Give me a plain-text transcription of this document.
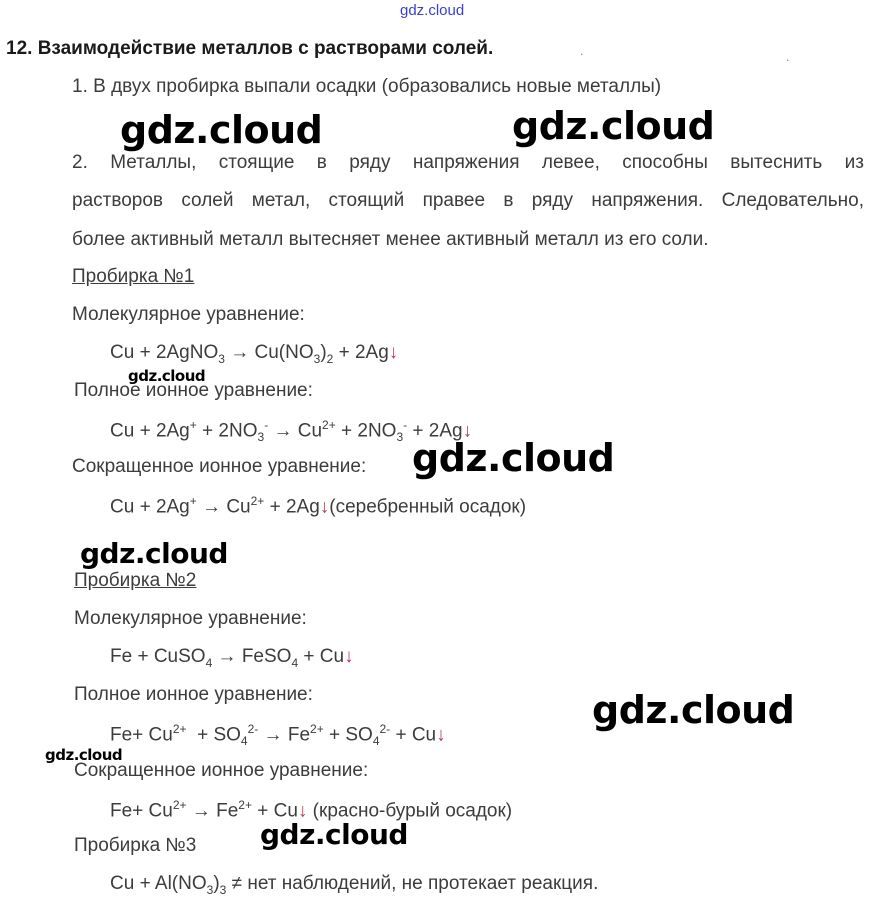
gdz.cloud
gdz.cloud	gdz.cloud
gdz.cloud
gdz.cloud
gdz.cloud
gdz.cloud
gdz.cloud
gdz.cloud
.	.
12. Взаимодействие металлов с растворами солей.
1. В двух пробирка выпали осадки (образовались новые металлы)
2. Металлы, стоящие в ряду напряжения левее, способны вытеснить из
растворов солей метал, стоящий правее в ряду напряжения. Следовательно,
более активный металл вытесняет менее активный металл из его соли.
Пробирка №1
Молекулярное уравнение:
Cu + 2AgNO$_3$ → $Cu(NO_3)_2$ + 2Ag↓
Полное ионное уравнение:
$Cu + 2Ag^+ + 2NO_3^- \to Cu^{2+} + 2NO_3^-$ + 2Ag↓
Сокращенное ионное уравнение:
$Cu + 2Ag^+ \to Cu^{2+}$ + 2Ag↓(серебренный осадок)
Пробирка №2
Молекулярное уравнение:
Fe + CuSO$_4$ → FeSO$_4$ + Cu↓
Полное ионное уравнение:
$Fe+ Cu^{2+} + SO_4^{2-} \to Fe^{2+} + SO_4^{2-}$ + Cu↓
Сокращенное ионное уравнение:
$Fe+ Cu^{2+} \to Fe^{2+}$ + Cu↓ (красно-бурый осадок)
Пробирка №3
$Cu + Al(NO_3)_3$ ≠ нет наблюдений, не протекает реакция.
